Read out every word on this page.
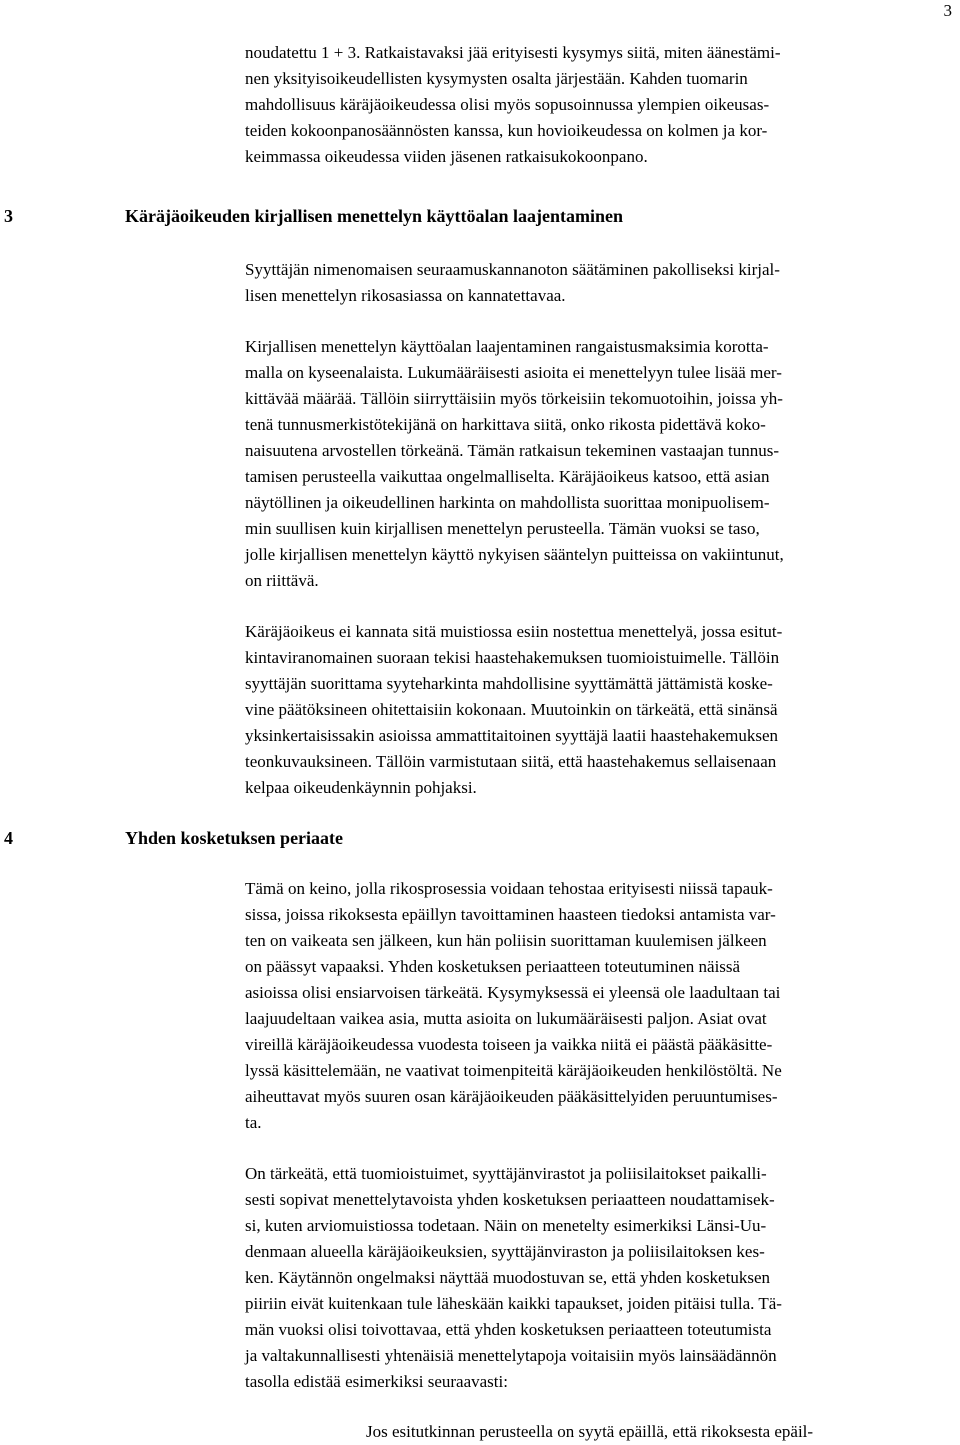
3

noudatettu 1 + 3. Ratkaistavaksi jää erityisesti kysymys siitä, miten äänestämi-

nen yksityisoikeudellisten kysymysten osalta järjestään. Kahden tuomarin

mahdollisuus käräjäoikeudessa olisi myös sopusoinnussa ylempien oikeusas-

teiden kokoonpanosäännösten kanssa, kun hovioikeudessa on kolmen ja kor-

keimmassa oikeudessa viiden jäsenen ratkaisukokoonpano.

3	Käräjäoikeuden kirjallisen menettelyn käyttöalan laajentaminen

Syyttäjän nimenomaisen seuraamuskannanoton säätäminen pakolliseksi kirjal-

lisen menettelyn rikosasiassa on kannatettavaa.

Kirjallisen menettelyn käyttöalan laajentaminen rangaistusmaksimia korotta-

malla on kyseenalaista. Lukumääräisesti asioita ei menettelyyn tulee lisää mer-

kittävää määrää. Tällöin siirryttäisiin myös törkeisiin tekomuotoihin, joissa yh-

tenä tunnusmerkistötekijänä on harkittava siitä, onko rikosta pidettävä koko-

naisuutena arvostellen törkeänä. Tämän ratkaisun tekeminen vastaajan tunnus-

tamisen perusteella vaikuttaa ongelmalliselta. Käräjäoikeus katsoo, että asian

näytöllinen ja oikeudellinen harkinta on mahdollista suorittaa monipuolisem-

min suullisen kuin kirjallisen menettelyn perusteella. Tämän vuoksi se taso,

jolle kirjallisen menettelyn käyttö nykyisen sääntelyn puitteissa on vakiintunut,

on riittävä.

Käräjäoikeus ei kannata sitä muistiossa esiin nostettua menettelyä, jossa esitut-

kintaviranomainen suoraan tekisi haastehakemuksen tuomioistuimelle. Tällöin

syyttäjän suorittama syyteharkinta mahdollisine syyttämättä jättämistä koske-

vine päätöksineen ohitettaisiin kokonaan. Muutoinkin on tärkeätä, että sinänsä

yksinkertaisissakin asioissa ammattitaitoinen syyttäjä laatii haastehakemuksen

teonkuvauksineen. Tällöin varmistutaan siitä, että haastehakemus sellaisenaan

kelpaa oikeudenkäynnin pohjaksi.

4	Yhden kosketuksen periaate

Tämä on keino, jolla rikosprosessia voidaan tehostaa erityisesti niissä tapauk-

sissa, joissa rikoksesta epäillyn tavoittaminen haasteen tiedoksi antamista var-

ten on vaikeata sen jälkeen, kun hän poliisin suorittaman kuulemisen jälkeen

on päässyt vapaaksi. Yhden kosketuksen periaatteen toteutuminen näissä

asioissa olisi ensiarvoisen tärkeätä. Kysymyksessä ei yleensä ole laadultaan tai

laajuudeltaan vaikea asia, mutta asioita on lukumääräisesti paljon. Asiat ovat

vireillä käräjäoikeudessa vuodesta toiseen ja vaikka niitä ei päästä pääkäsitte-

lyssä käsittelemään, ne vaativat toimenpiteitä käräjäoikeuden henkilöstöltä. Ne

aiheuttavat myös suuren osan käräjäoikeuden pääkäsittelyiden peruuntumises-

ta.

On tärkeätä, että tuomioistuimet, syyttäjänvirastot ja poliisilaitokset paikalli-

sesti sopivat menettelytavoista yhden kosketuksen periaatteen noudattamisek-

si, kuten arviomuistiossa todetaan. Näin on menetelty esimerkiksi Länsi-Uu-

denmaan alueella käräjäoikeuksien, syyttäjänviraston ja poliisilaitoksen kes-

ken. Käytännön ongelmaksi näyttää muodostuvan se, että yhden kosketuksen

piiriin eivät kuitenkaan tule läheskään kaikki tapaukset, joiden pitäisi tulla. Tä-

män vuoksi olisi toivottavaa, että yhden kosketuksen periaatteen toteutumista

ja valtakunnallisesti yhtenäisiä menettelytapoja voitaisiin myös lainsäädännön

tasolla edistää esimerkiksi seuraavasti:

Jos esitutkinnan perusteella on syytä epäillä, että rikoksesta epäil-
